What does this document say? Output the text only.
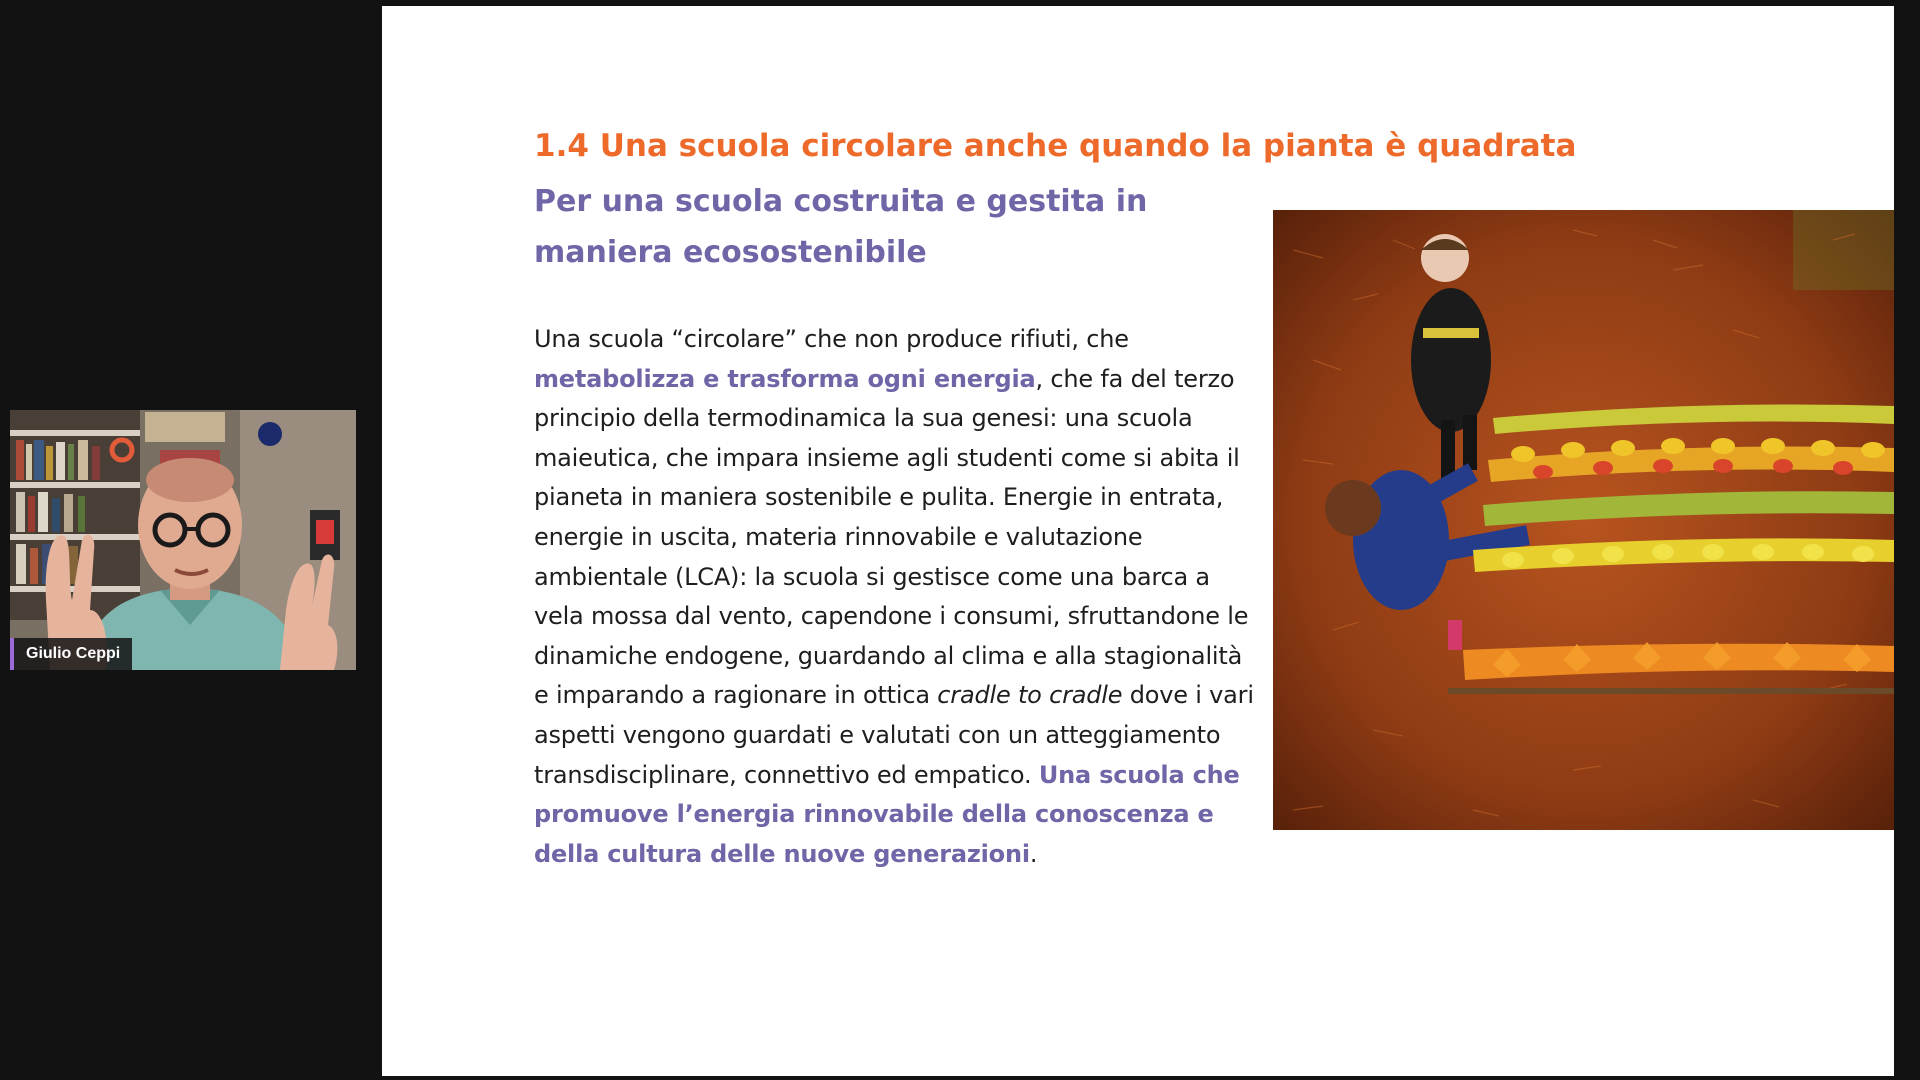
Giulio Ceppi
1.4 Una scuola circolare anche quando la pianta è quadrata
Per una scuola costruita e gestita in maniera ecosostenibile

Una scuola “circolare” che non produce rifiuti, che metabolizza e trasforma ogni energia, che fa del terzo principio della termodinamica la sua genesi: una scuola maieutica, che impara insieme agli studenti come si abita il pianeta in maniera sostenibile e pulita. Energie in entrata, energie in uscita, materia rinnovabile e valutazione ambientale (LCA): la scuola si gestisce come una barca a vela mossa dal vento, capendone i consumi, sfruttandone le dinamiche endogene, guardando al clima e alla stagionalità e imparando a ragionare in ottica cradle to cradle dove i vari aspetti vengono guardati e valutati con un atteggiamento transdisciplinare, connettivo ed empatico. Una scuola che promuove l’energia rinnovabile della conoscenza e della cultura delle nuove generazioni.
